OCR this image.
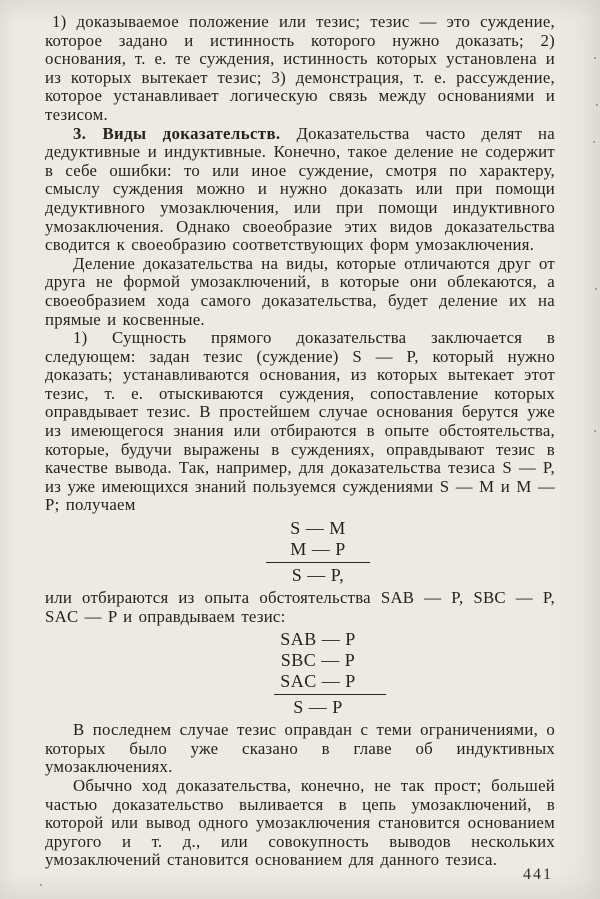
1) доказываемое положение или тезис; тезис — это суждение, которое задано и истинность которого нужно доказать; 2) основания, т. е. те суждения, истинность которых установлена и из которых вытекает тезис; 3) демонстрация, т. е. рассуждение, которое устанавливает логическую связь между основаниями и тезисом.

3. Виды доказательств. Доказательства часто делят на дедуктивные и индуктивные. Конечно, такое деление не содержит в себе ошибки: то или иное суждение, смотря по характеру, смыслу суждения можно и нужно доказать или при помощи дедуктивного умозаключения, или при помощи индуктивного умозаключения. Однако своеобразие этих видов доказательства сводится к своеобразию соответствующих форм умозаключения.

Деление доказательства на виды, которые отличаются друг от друга не формой умозаключений, в которые они облекаются, а своеобразием хода самого доказательства, будет деление их на прямые и косвенные.

1) Сущность прямого доказательства заключается в следующем: задан тезис (суждение) S — P, который нужно доказать; устанавливаются основания, из которых вытекает этот тезис, т. е. отыскиваются суждения, сопоставление которых оправдывает тезис. В простейшем случае основания берутся уже из имеющегося знания или отбираются в опыте обстоятельства, которые, будучи выражены в суждениях, оправдывают тезис в качестве вывода. Так, например, для доказательства тезиса S — P, из уже имеющихся знаний пользуемся суждениями S — M и M — P; получаем

S — M
M — P
S — P,

или отбираются из опыта обстоятельства SAB — P, SBC — P, SAC — P и оправдываем тезис:

SAB — P
SBC — P
SAC — P
S — P

В последнем случае тезис оправдан с теми ограничениями, о которых было уже сказано в главе об индуктивных умозаключениях.

Обычно ход доказательства, конечно, не так прост; большей частью доказательство выливается в цепь умозаключений, в которой или вывод одного умозаключения становится основанием другого и т. д., или совокупность выводов нескольких умозаключений становится основанием для данного тезиса.

441
